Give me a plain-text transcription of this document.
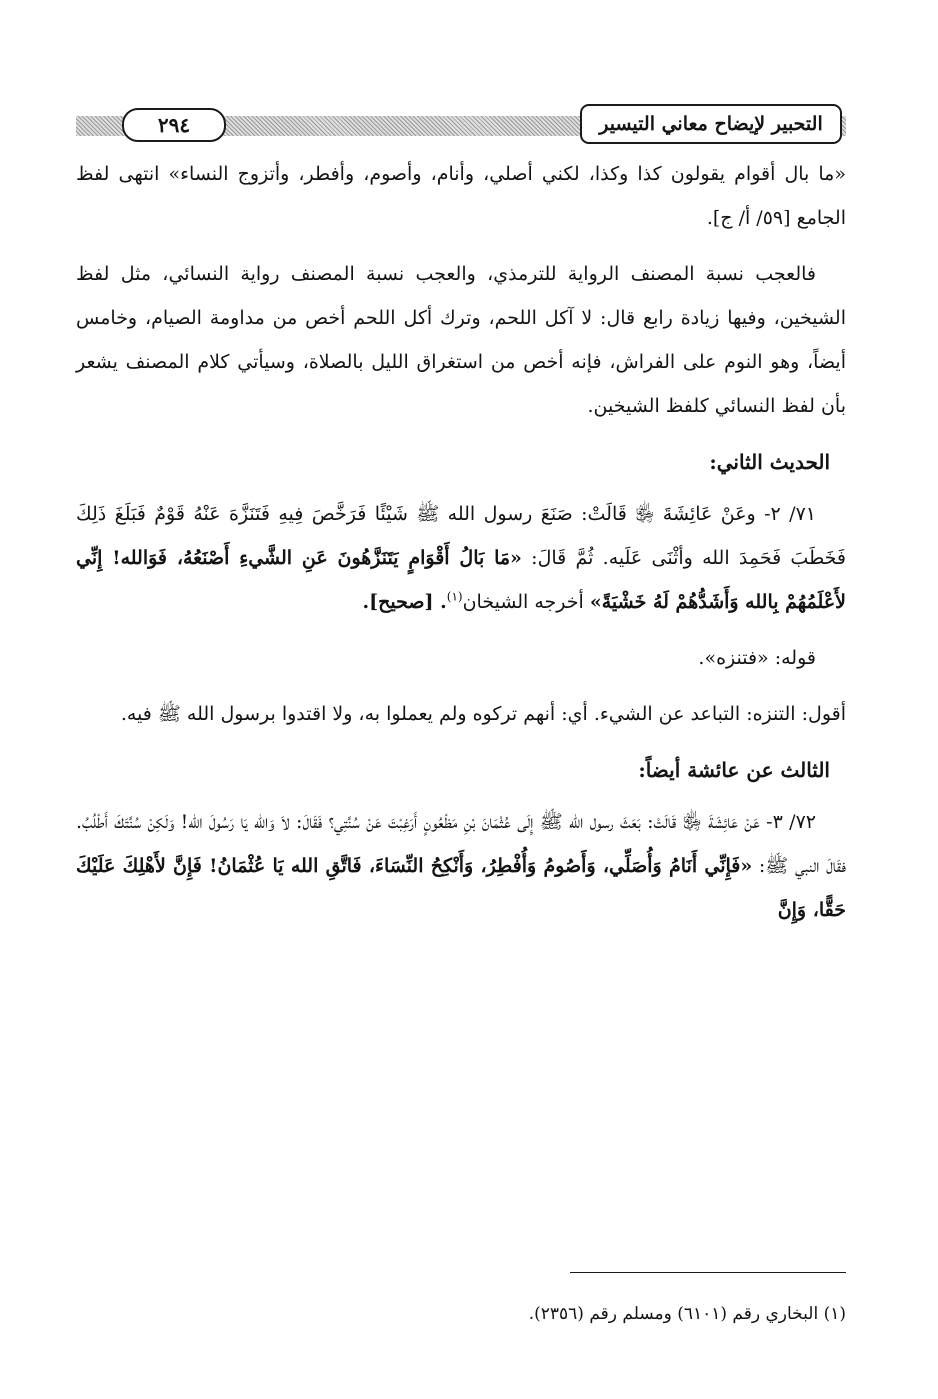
٢٩٤	التحبير لإيضاح معاني التيسير

«ما بال أقوام يقولون كذا وكذا، لكني أصلي، وأنام، وأصوم، وأفطر، وأتزوج النساء» انتهى لفظ الجامع [٥٩/ أ/ ج].

فالعجب نسبة المصنف الرواية للترمذي، والعجب نسبة المصنف رواية النسائي، مثل لفظ الشيخين، وفيها زيادة رابع قال: لا آكل اللحم، وترك أكل اللحم أخص من مداومة الصيام، وخامس أيضاً، وهو النوم على الفراش، فإنه أخص من استغراق الليل بالصلاة، وسيأتي كلام المصنف يشعر بأن لفظ النسائي كلفظ الشيخين.

الحديث الثاني:

٧١/ ٢- وعَنْ عَائِشَةَ ﵂ قَالَتْ: صَنَعَ رسول الله ﷺ شَيْئًا فَرَخَّصَ فِيهِ فَتَنَزَّهَ عَنْهُ قَوْمٌ فَبَلَغَ ذَلِكَ فَخَطَبَ فَحَمِدَ الله وأثْنَى عَلَيه. ثُمَّ قَالَ: «مَا بَالُ أَقْوَامٍ يَتَنَزَّهُونَ عَنِ الشَّيءِ أَصْنَعُهُ، فَوَالله! إِنِّي لأَعْلَمُهُمْ بِالله وَأَشَدُّهُمْ لَهُ خَشْيَةً» أخرجه الشيخان$^{(١)}$. [صحيح].

قوله: «فتنزه».

أقول: التنزه: التباعد عن الشيء. أي: أنهم تركوه ولم يعملوا به، ولا اقتدوا برسول الله ﷺ فيه.

الثالث عن عائشة أيضاً:

٧٢/ ٣- عَنْ عَائِشَةَ ﵂ قَالَتْ: بَعَثَ رسول الله ﷺ إِلَى عُثْمَانَ بْنِ مَظْعُونٍ أَرَغِبْتَ عَنْ سُنَّتِي؟ فَقَالَ: لاَ وَالله يَا رَسُولَ الله! وَلَكِنْ سُنَّتَكَ أَطْلُبُ. فقَالَ النبي ﷺ: «فَإِنِّي أَنَامُ وَأُصَلِّي، وَأَصُومُ وَأُفْطِرُ، وَأَنْكِحُ النِّسَاءَ، فَاتَّقِ الله يَا عُثْمَانُ! فَإِنَّ لأَهْلِكَ عَلَيْكَ حَقًّا، وَإِنَّ

(١) البخاري رقم (٦١٠١) ومسلم رقم (٢٣٥٦).
